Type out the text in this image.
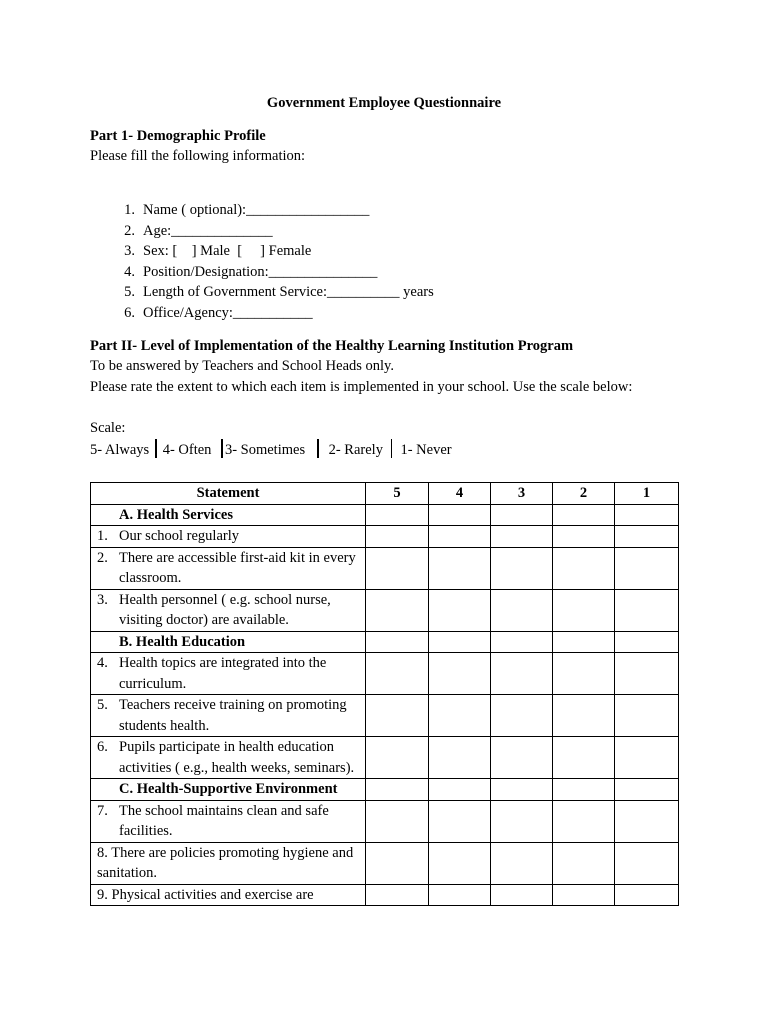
Government Employee Questionnaire
Part 1- Demographic Profile
Please fill the following information:
1. Name ( optional):_________________
2. Age:______________
3. Sex: [    ] Male  [     ] Female
4. Position/Designation:_______________
5. Length of Government Service:__________ years
6. Office/Agency:___________
Part II- Level of Implementation of the Healthy Learning Institution Program
To be answered by Teachers and School Heads only.
Please rate the extent to which each item is implemented in your school. Use the scale below:
Scale:
5- Always 4- Often 3- Sometimes 2- Rarely 1- Never
Statement	5	4	3	2	1
A. Health Services					

1. Our school regularly					

2. There are accessible first-aid kit in every classroom.					

3. Health personnel ( e.g. school nurse, visiting doctor) are available.					

B. Health Education					

4. Health topics are integrated into the curriculum.					

5. Teachers receive training on promoting students health.					

6. Pupils participate in health education activities ( e.g., health weeks, seminars).					

C. Health-Supportive Environment					

7. The school maintains clean and safe facilities.					

8. There are policies promoting hygiene and sanitation.					
9. Physical activities and exercise are					
